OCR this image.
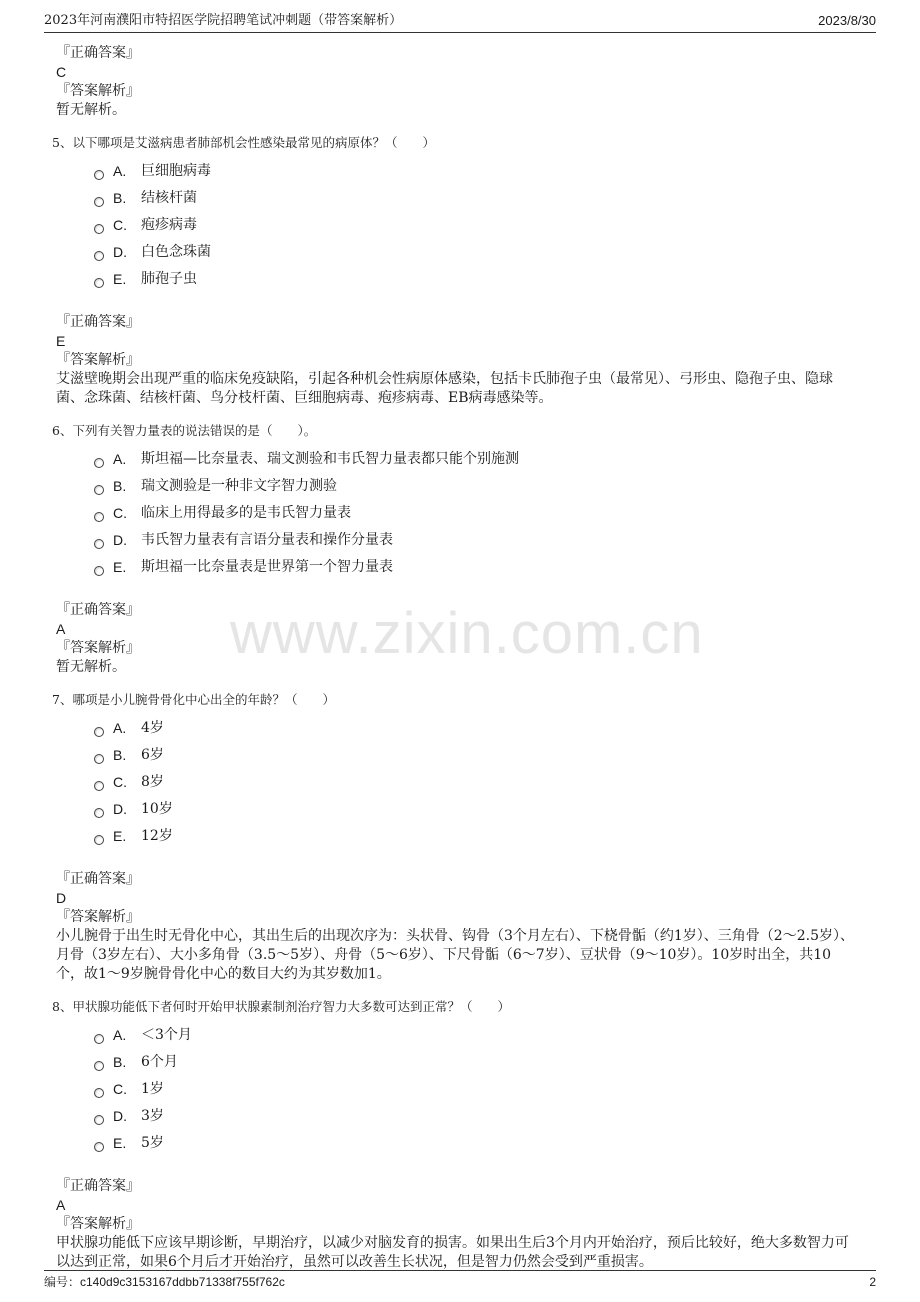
2023年河南濮阳市特招医学院招聘笔试冲刺题（带答案解析）	2023/8/30
www.zixin.com.cn
『正确答案』
C
『答案解析』
暂无解析。
5、以下哪项是艾滋病患者肺部机会性感染最常见的病原体？（　　）
A.	巨细胞病毒
B.	结核杆菌
C.	疱疹病毒
D.	白色念珠菌
E.	肺孢子虫
『正确答案』
E
『答案解析』
艾滋壁晚期会出现严重的临床免疫缺陷，引起各种机会性病原体感染，包括卡氏肺孢子虫（最常见）、弓形虫、隐孢子虫、隐球菌、念珠菌、结核杆菌、鸟分枝杆菌、巨细胞病毒、疱疹病毒、EB病毒感染等。
6、下列有关智力量表的说法错误的是（　　）。
A.	斯坦福—比奈量表、瑞文测验和韦氏智力量表都只能个别施测
B.	瑞文测验是一种非文字智力测验
C.	临床上用得最多的是韦氏智力量表
D.	韦氏智力量表有言语分量表和操作分量表
E.	斯坦福一比奈量表是世界第一个智力量表
『正确答案』
A
『答案解析』
暂无解析。
7、哪项是小儿腕骨骨化中心出全的年龄？（　　）
A.	4岁
B.	6岁
C.	8岁
D.	10岁
E.	12岁
『正确答案』
D
『答案解析』
小儿腕骨于出生时无骨化中心，其出生后的出现次序为：头状骨、钩骨（3个月左右）、下桡骨骺（约1岁）、三角骨（2～2.5岁）、月骨（3岁左右）、大小多角骨（3.5～5岁）、舟骨（5～6岁）、下尺骨骺（6～7岁）、豆状骨（9～10岁）。10岁时出全，共10个，故1～9岁腕骨骨化中心的数目大约为其岁数加1。
8、甲状腺功能低下者何时开始甲状腺素制剂治疗智力大多数可达到正常？（　　）
A.	＜3个月
B.	6个月
C.	1岁
D.	3岁
E.	5岁
『正确答案』
A
『答案解析』
甲状腺功能低下应该早期诊断，早期治疗，以减少对脑发育的损害。如果出生后3个月内开始治疗，预后比较好，绝大多数智力可以达到正常，如果6个月后才开始治疗，虽然可以改善生长状况，但是智力仍然会受到严重损害。
编号：c140d9c3153167ddbb71338f755f762c	2
